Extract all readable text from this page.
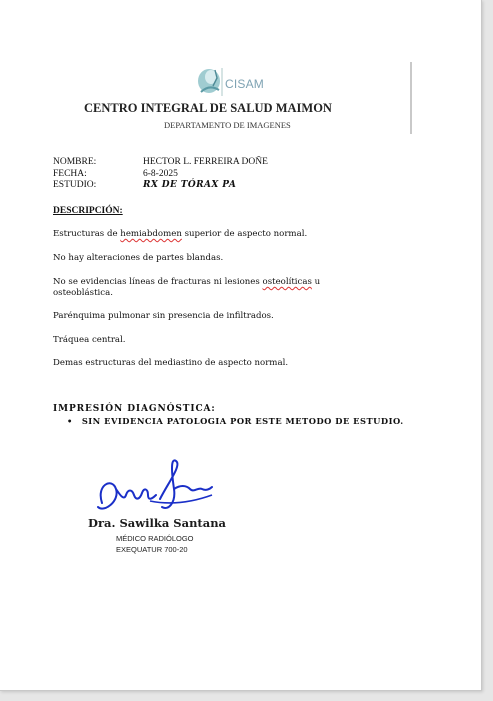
CISAM
CENTRO INTEGRAL DE SALUD MAIMON
DEPARTAMENTO DE IMAGENES
NOMBRE:	HECTOR L. FERREIRA DOÑE
FECHA:	6-8-2025
ESTUDIO:	RX DE TÓRAX PA
DESCRIPCIÓN:
Estructuras de hemiabdomen superior de aspecto normal.
No hay alteraciones de partes blandas.
No se evidencias líneas de fracturas ni lesiones osteolíticas u osteoblástica.
Parénquima pulmonar sin presencia de infiltrados.
Tráquea central.
Demas estructuras del mediastino de aspecto normal.
IMPRESIÓN DIAGNÓSTICA:
• SIN EVIDENCIA PATOLOGIA POR ESTE METODO DE ESTUDIO.
Dra. Sawilka Santana
MÉDICO RADIÓLOGO
EXEQUATUR 700-20
